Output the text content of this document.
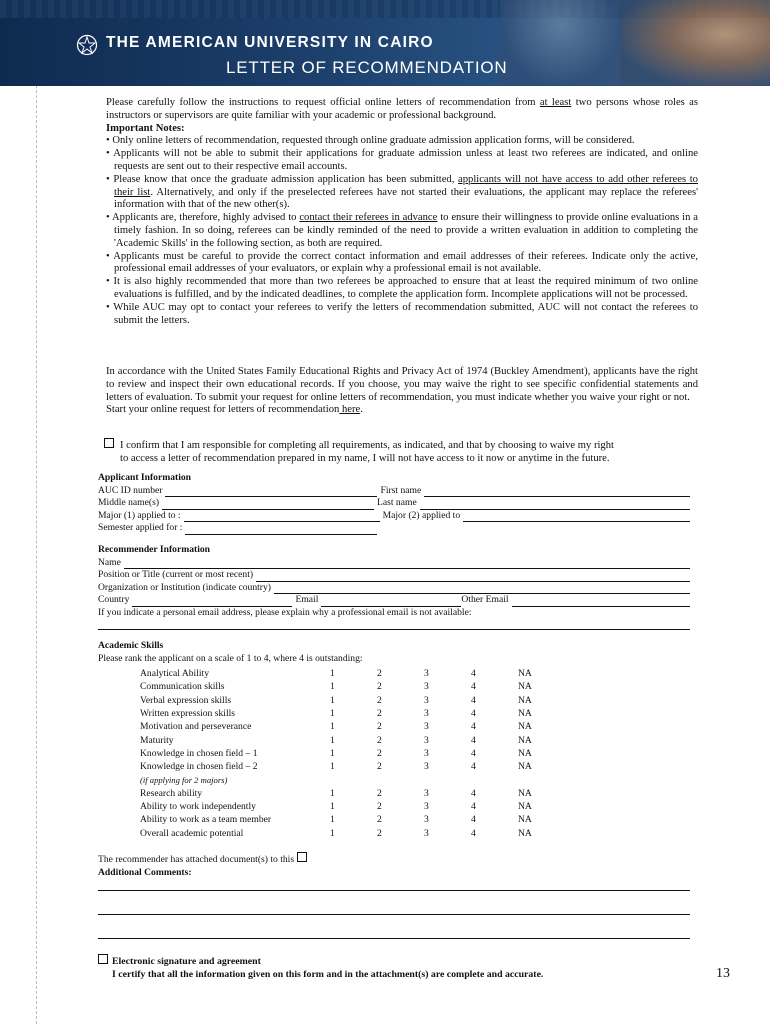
THE AMERICAN UNIVERSITY IN CAIRO
LETTER OF RECOMMENDATION
Please carefully follow the instructions to request official online letters of recommendation from at least two persons whose roles as instructors or supervisors are quite familiar with your academic or professional background.
Important Notes:
• Only online letters of recommendation, requested through online graduate admission application forms, will be considered.
• Applicants will not be able to submit their applications for graduate admission unless at least two referees are indicated, and online requests are sent out to their respective email accounts.
• Please know that once the graduate admission application has been submitted, applicants will not have access to add other referees to their list. Alternatively, and only if the preselected referees have not started their evaluations, the applicant may replace the referees' information with that of the new other(s).
• Applicants are, therefore, highly advised to contact their referees in advance to ensure their willingness to provide online evaluations in a timely fashion. In so doing, referees can be kindly reminded of the need to provide a written evaluation in addition to completing the 'Academic Skills' in the following section, as both are required.
• Applicants must be careful to provide the correct contact information and email addresses of their referees. Indicate only the active, professional email addresses of your evaluators, or explain why a professional email is not available.
• It is also highly recommended that more than two referees be approached to ensure that at least the required minimum of two online evaluations is fulfilled, and by the indicated deadlines, to complete the application form. Incomplete applications will not be processed.
• While AUC may opt to contact your referees to verify the letters of recommendation submitted, AUC will not contact the referees to submit the letters.
In accordance with the United States Family Educational Rights and Privacy Act of 1974 (Buckley Amendment), applicants have the right to review and inspect their own educational records. If you choose, you may waive the right to see specific confidential statements and letters of evaluation. To submit your request for online letters of recommendation, you must indicate whether you waive your right or not.
Start your online request for letters of recommendation here.
I confirm that I am responsible for completing all requirements, as indicated, and that by choosing to waive my right
to access a letter of recommendation prepared in my name, I will not have access to it now or anytime in the future.
Applicant Information
AUC ID number	First name
Middle name(s)	Last name
Major (1) applied to :	Major (2) applied to
Semester applied for :
Recommender Information
Name
Position or Title (current or most recent)
Organization or Institution (indicate country)
Country	Email	Other Email
If you indicate a personal email address, please explain why a professional email is not available:
Academic Skills
Please rank the applicant on a scale of 1 to 4, where 4 is outstanding:
Analytical Ability		1	2	3	4	NA
Communication skills		1	2	3	4	NA
Verbal expression skills		1	2	3	4	NA
Written expression skills		1	2	3	4	NA
Motivation and perseverance		1	2	3	4	NA
Maturity		1	2	3	4	NA
Knowledge in chosen field – 1		1	2	3	4	NA
Knowledge in chosen field – 2		1	2	3	4	NA
(if applying for 2 majors)						
Research ability		1	2	3	4	NA
Ability to work independently		1	2	3	4	NA
Ability to work as a team member		1	2	3	4	NA
Overall academic potential		1	2	3	4	NA
The recommender has attached document(s) to this
Additional Comments:
Electronic signature and agreement
I certify that all the information given on this form and in the attachment(s) are complete and accurate.	13
